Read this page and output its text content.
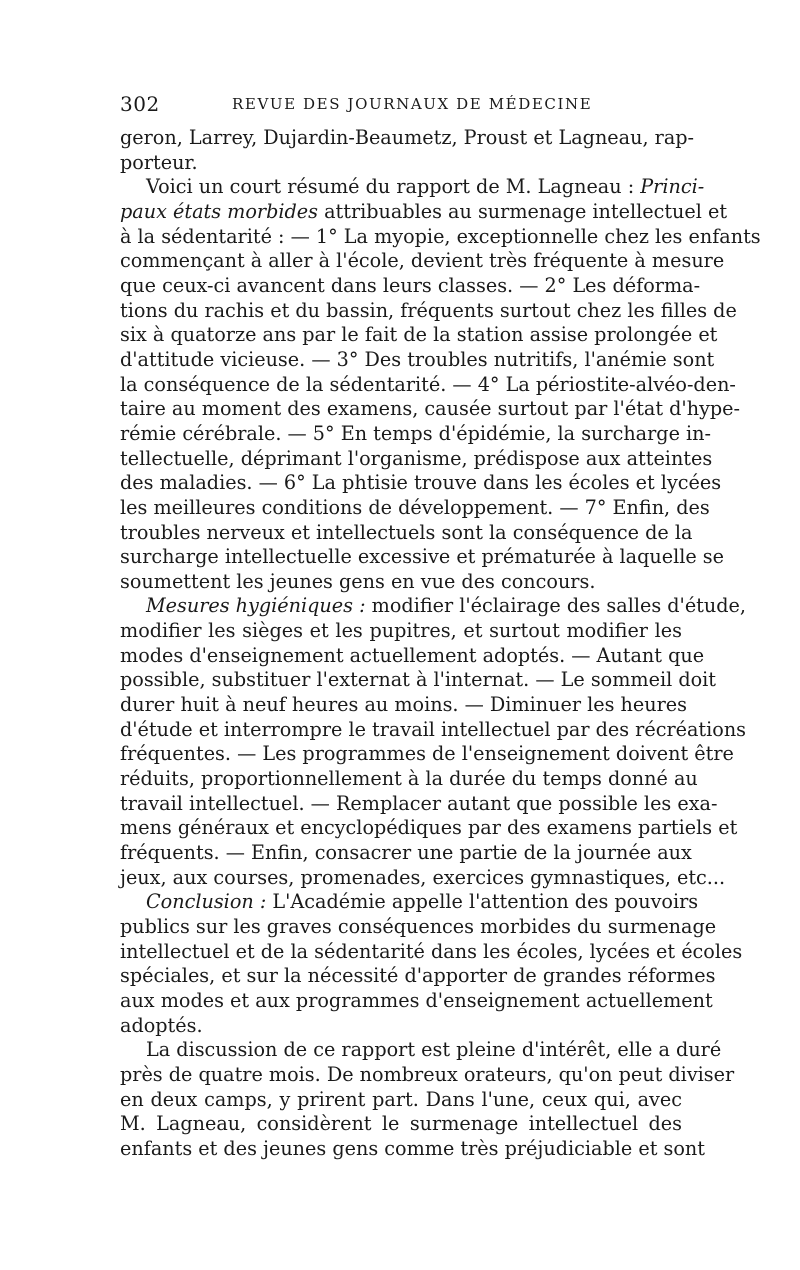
302	REVUE DES JOURNAUX DE MÉDECINE
geron, Larrey, Dujardin-Beaumetz, Proust et Lagneau, rap-
porteur.
Voici un court résumé du rapport de M. Lagneau : Princi-
paux états morbides attribuables au surmenage intellectuel et
à la sédentarité : — 1° La myopie, exceptionnelle chez les enfants
commençant à aller à l'école, devient très fréquente à mesure
que ceux-ci avancent dans leurs classes. — 2° Les déforma-
tions du rachis et du bassin, fréquents surtout chez les filles de
six à quatorze ans par le fait de la station assise prolongée et
d'attitude vicieuse. — 3° Des troubles nutritifs, l'anémie sont
la conséquence de la sédentarité. — 4° La périostite-alvéo-den-
taire au moment des examens, causée surtout par l'état d'hype-
rémie cérébrale. — 5° En temps d'épidémie, la surcharge in-
tellectuelle, déprimant l'organisme, prédispose aux atteintes
des maladies. — 6° La phtisie trouve dans les écoles et lycées
les meilleures conditions de développement. — 7° Enfin, des
troubles nerveux et intellectuels sont la conséquence de la
surcharge intellectuelle excessive et prématurée à laquelle se
soumettent les jeunes gens en vue des concours.
Mesures hygiéniques : modifier l'éclairage des salles d'étude,
modifier les sièges et les pupitres, et surtout modifier les
modes d'enseignement actuellement adoptés. — Autant que
possible, substituer l'externat à l'internat. — Le sommeil doit
durer huit à neuf heures au moins. — Diminuer les heures
d'étude et interrompre le travail intellectuel par des récréations
fréquentes. — Les programmes de l'enseignement doivent être
réduits, proportionnellement à la durée du temps donné au
travail intellectuel. — Remplacer autant que possible les exa-
mens généraux et encyclopédiques par des examens partiels et
fréquents. — Enfin, consacrer une partie de la journée aux
jeux, aux courses, promenades, exercices gymnastiques, etc...
Conclusion : L'Académie appelle l'attention des pouvoirs
publics sur les graves conséquences morbides du surmenage
intellectuel et de la sédentarité dans les écoles, lycées et écoles
spéciales, et sur la nécessité d'apporter de grandes réformes
aux modes et aux programmes d'enseignement actuellement
adoptés.
La discussion de ce rapport est pleine d'intérêt, elle a duré
près de quatre mois. De nombreux orateurs, qu'on peut diviser
en deux camps, y prirent part. Dans l'une, ceux qui, avec
M. Lagneau, considèrent le surmenage intellectuel des
enfants et des jeunes gens comme très préjudiciable et sont
